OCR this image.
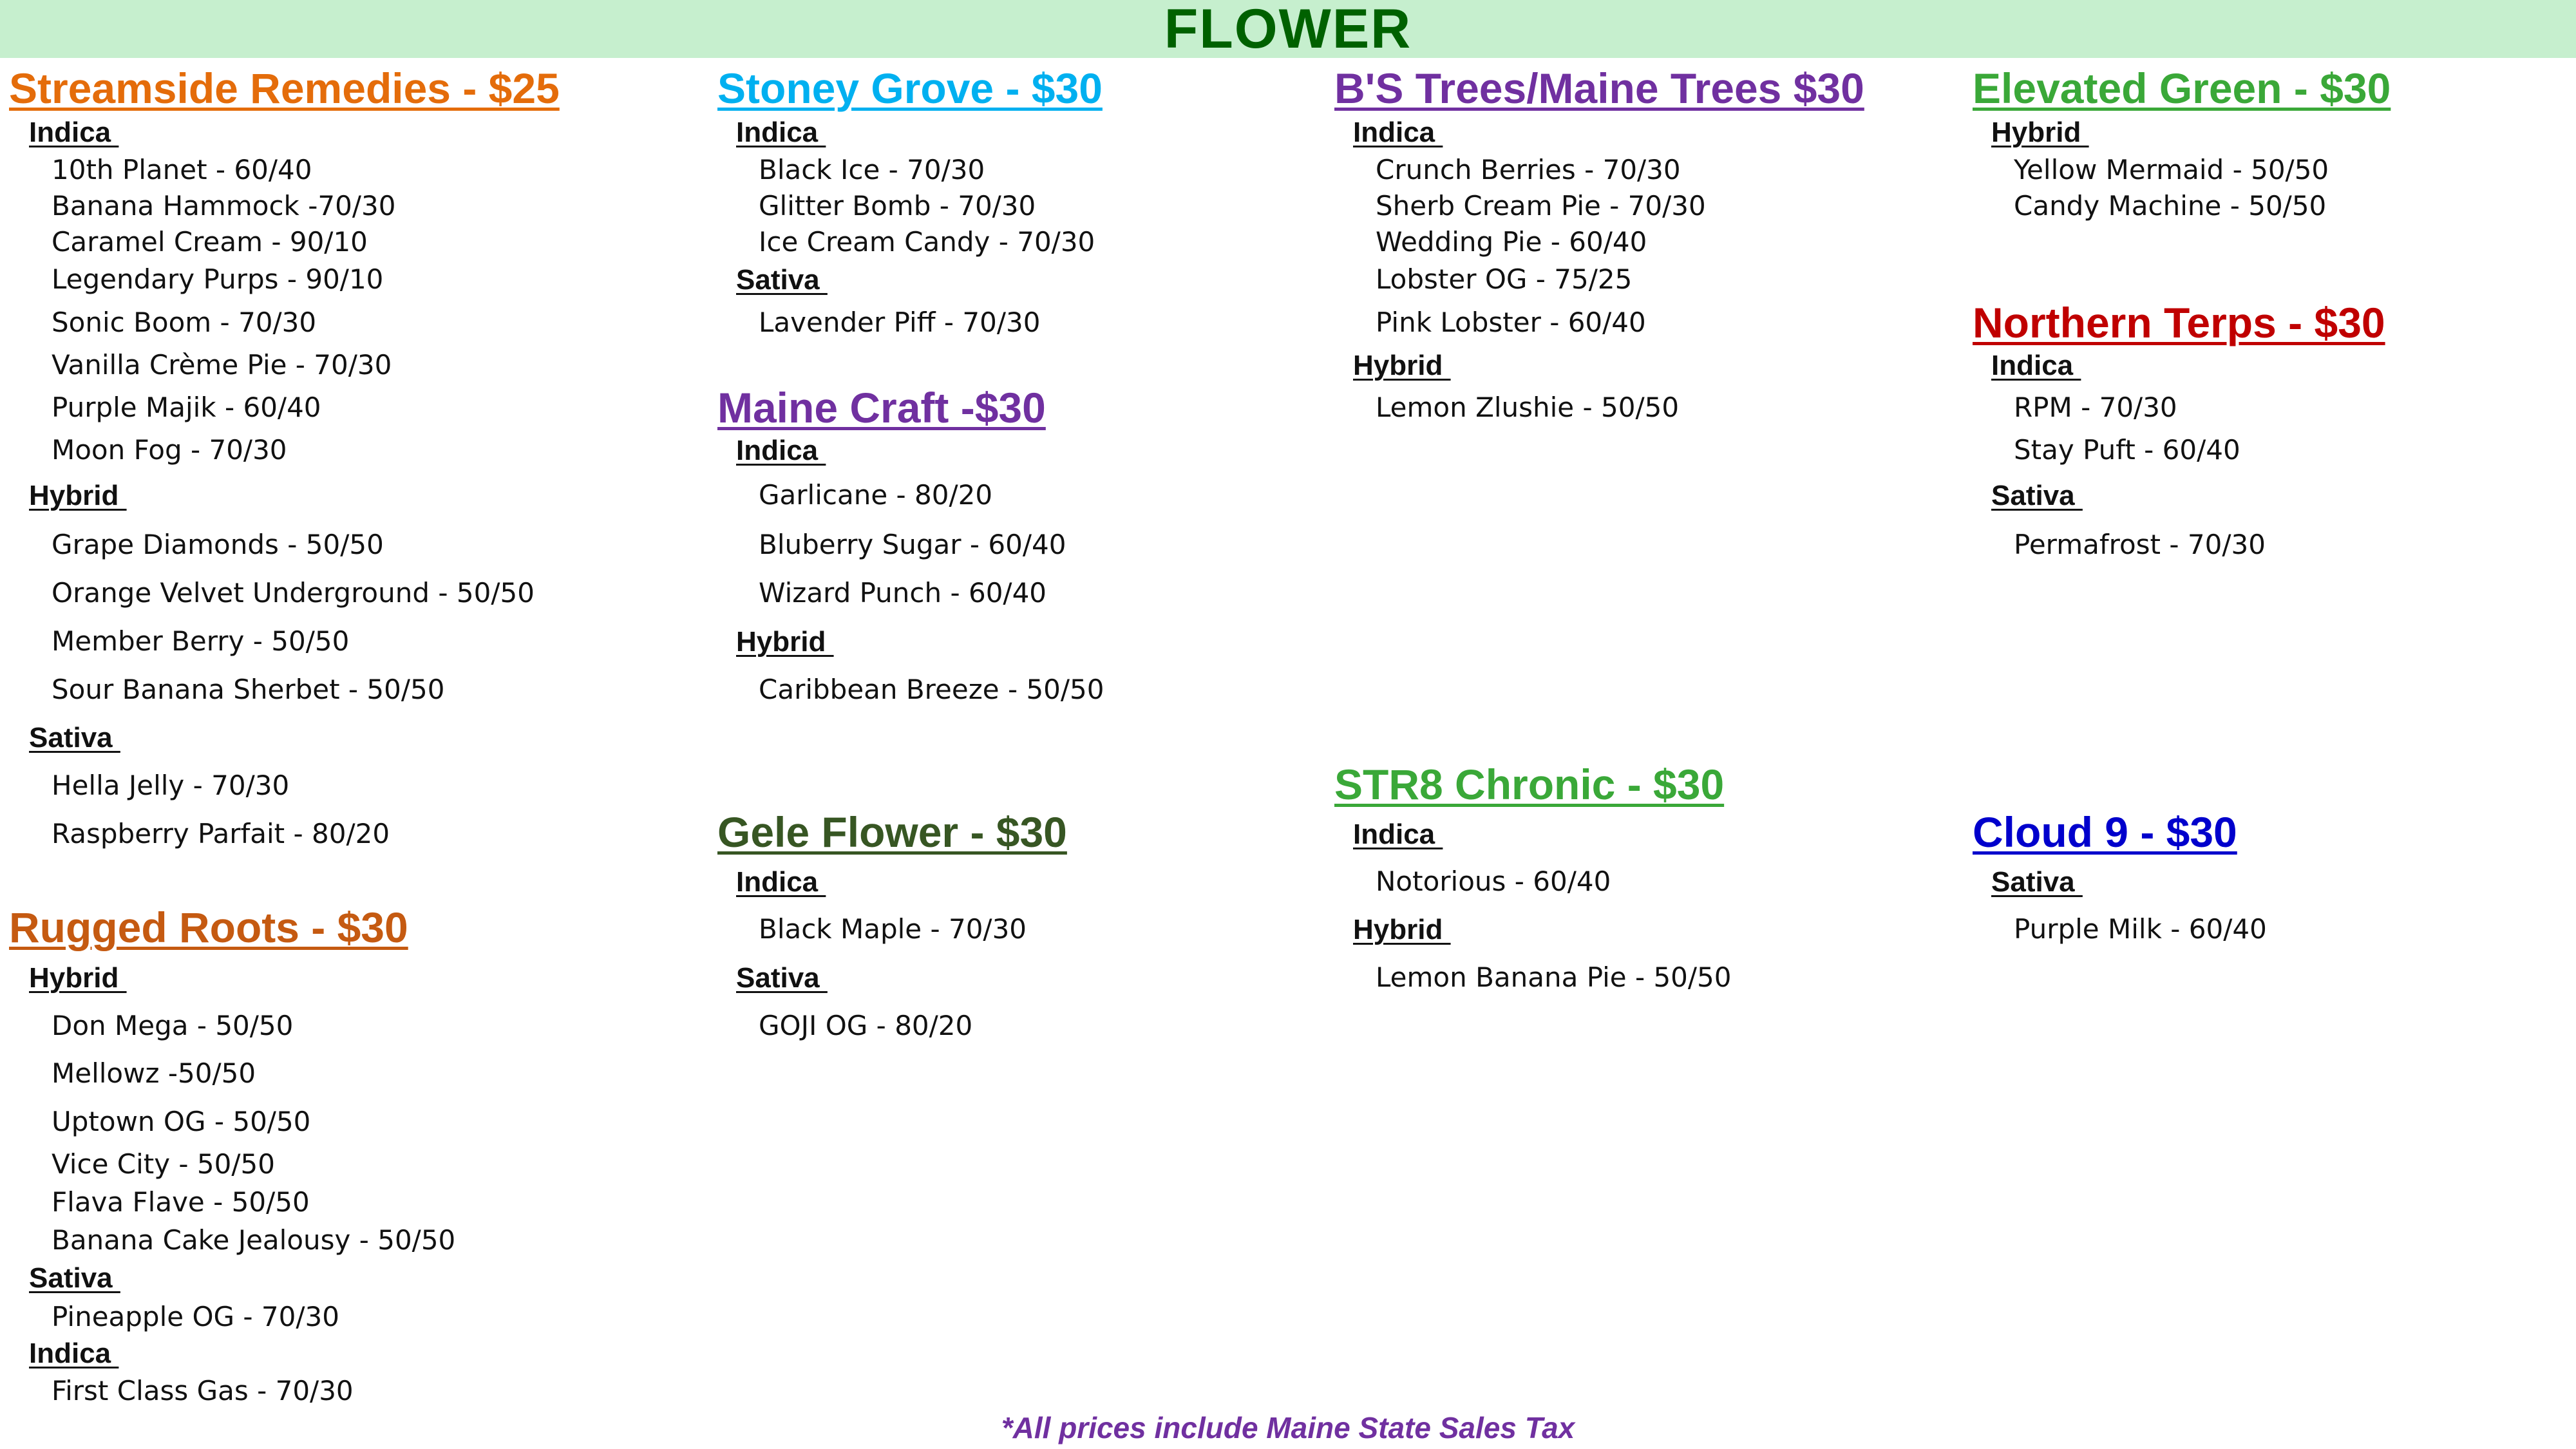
FLOWER
Streamside Remedies - $25
Indica
10th Planet - 60/40
Banana Hammock -70/30
Caramel Cream - 90/10
Legendary Purps - 90/10
Sonic Boom - 70/30
Vanilla Crème Pie - 70/30
Purple Majik - 60/40
Moon Fog - 70/30
Hybrid
Grape Diamonds - 50/50
Orange Velvet Underground - 50/50
Member Berry - 50/50
Sour Banana Sherbet - 50/50
Sativa
Hella Jelly - 70/30
Raspberry Parfait - 80/20
Rugged Roots - $30
Hybrid
Don Mega - 50/50
Mellowz -50/50
Uptown OG - 50/50
Vice City - 50/50
Flava Flave - 50/50
Banana Cake Jealousy - 50/50
Sativa
Pineapple OG - 70/30
Indica
First Class Gas - 70/30
Stoney Grove - $30
Indica
Black Ice - 70/30
Glitter Bomb - 70/30
Ice Cream Candy - 70/30
Sativa
Lavender Piff - 70/30
Maine Craft -$30
Indica
Garlicane - 80/20
Bluberry Sugar - 60/40
Wizard Punch - 60/40
Hybrid
Caribbean Breeze - 50/50
Gele Flower - $30
Indica
Black Maple - 70/30
Sativa
GOJI OG - 80/20
B'S Trees/Maine Trees $30
Indica
Crunch Berries - 70/30
Sherb Cream Pie - 70/30
Wedding Pie - 60/40
Lobster OG - 75/25
Pink Lobster - 60/40
Hybrid
Lemon Zlushie - 50/50
STR8 Chronic - $30
Indica
Notorious - 60/40
Hybrid
Lemon Banana Pie - 50/50
Elevated Green - $30
Hybrid
Yellow Mermaid - 50/50
Candy Machine - 50/50
Northern Terps - $30
Indica
RPM - 70/30
Stay Puft - 60/40
Sativa
Permafrost - 70/30
Cloud 9 - $30
Sativa
Purple Milk - 60/40
*All prices include Maine State Sales Tax
